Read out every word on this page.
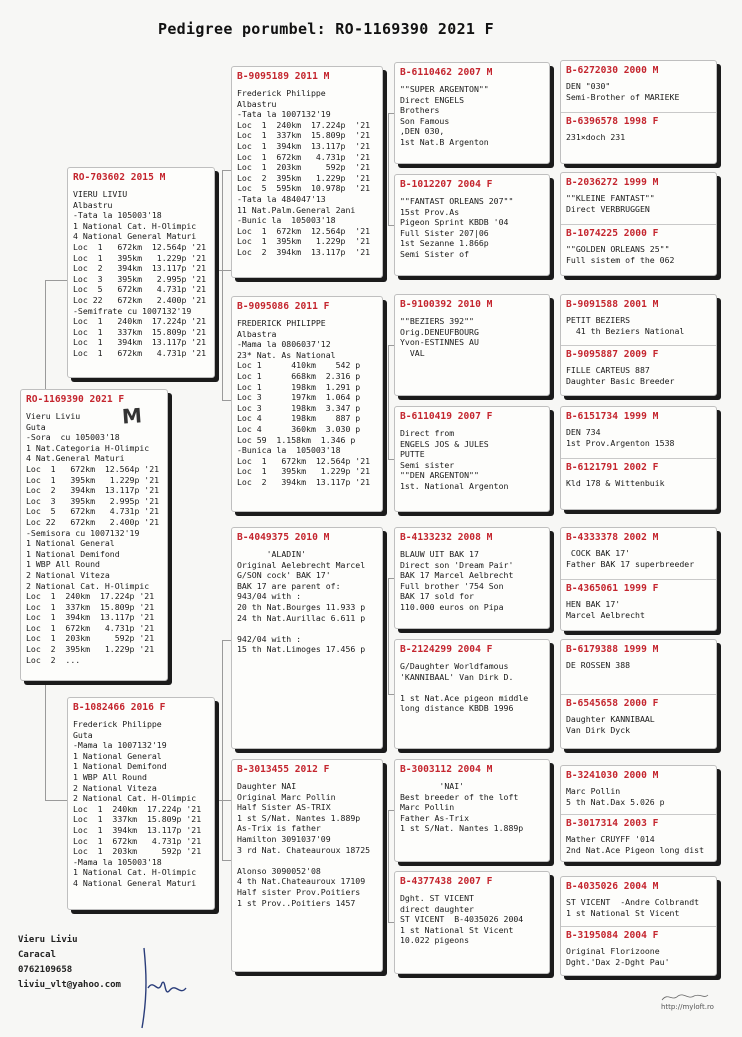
Pedigree porumbel: RO-1169390 2021 F
RO-1169390 2021 F
Vieru Liviu
Guta
-Sora  cu 105003'18
1 Nat.Categoria H-Olimpic
4 Nat.General Maturi
Loc  1   672km  12.564p '21
Loc  1   395km   1.229p '21
Loc  2   394km  13.117p '21
Loc  3   395km   2.995p '21
Loc  5   672km   4.731p '21
Loc 22   672km   2.400p '21
-Semisora cu 1007132'19
1 National General
1 National Demifond
1 WBP All Round
2 National Viteza
2 National Cat. H-Olimpic
Loc  1  240km  17.224p '21
Loc  1  337km  15.809p '21
Loc  1  394km  13.117p '21
Loc  1  672km   4.731p '21
Loc  1  203km     592p '21
Loc  2  395km   1.229p '21
Loc  2  ...
RO-703602 2015 M
VIERU LIVIU
Albastru
-Tata la 105003'18
1 National Cat. H-Olimpic
4 National General Maturi
Loc  1   672km  12.564p '21
Loc  1   395km   1.229p '21
Loc  2   394km  13.117p '21
Loc  3   395km   2.995p '21
Loc  5   672km   4.731p '21
Loc 22   672km   2.400p '21
-Semifrate cu 1007132'19
Loc  1   240km  17.224p '21
Loc  1   337km  15.809p '21
Loc  1   394km  13.117p '21
Loc  1   672km   4.731p '21
B-1082466 2016 F
Frederick Philippe
Guta
-Mama la 1007132'19
1 National General
1 National Demifond
1 WBP All Round
2 National Viteza
2 National Cat. H-Olimpic
Loc  1  240km  17.224p '21
Loc  1  337km  15.809p '21
Loc  1  394km  13.117p '21
Loc  1  672km   4.731p '21
Loc  1  203km     592p '21
-Mama la 105003'18
1 National Cat. H-Olimpic
4 National General Maturi
B-9095189 2011 M
Frederick Philippe
Albastru
-Tata la 1007132'19
Loc  1  240km  17.224p  '21
Loc  1  337km  15.809p  '21
Loc  1  394km  13.117p  '21
Loc  1  672km   4.731p  '21
Loc  1  203km     592p  '21
Loc  2  395km   1.229p  '21
Loc  5  595km  10.978p  '21
-Tata la 484047'13
11 Nat.Palm.General 2ani
-Bunic la  105003'18
Loc  1  672km  12.564p  '21
Loc  1  395km   1.229p  '21
Loc  2  394km  13.117p  '21
B-9095086 2011 F
FREDERICK PHILIPPE
Albastra
-Mama la 0806037'12
23* Nat. As National
Loc 1      410km    542 p
Loc 1      668km  2.316 p
Loc 1      198km  1.291 p
Loc 3      197km  1.064 p
Loc 3      198km  3.347 p
Loc 4      198km    887 p
Loc 4      360km  3.030 p
Loc 59  1.158km  1.346 p
-Bunica la  105003'18
Loc  1   672km  12.564p '21
Loc  1   395km   1.229p '21
Loc  2   394km  13.117p '21
B-4049375 2010 M
'ALADIN'
Original Aelebrecht Marcel
G/SON cock' BAK 17'
BAK 17 are parent of:
943/04 with :
20 th Nat.Bourges 11.933 p
24 th Nat.Aurillac 6.611 p

942/04 with :
15 th Nat.Limoges 17.456 p
B-3013455 2012 F
Daughter NAI
Original Marc Pollin
Half Sister AS-TRIX
1 st S/Nat. Nantes 1.889p
As-Trix is father
Hamilton 3091037'09
3 rd Nat. Chateauroux 18725

Alonso 3090052'08
4 th Nat.Chateauroux 17109
Half sister Prov.Poitiers
1 st Prov..Poitiers 1457
B-6110462 2007 M
""SUPER ARGENTON""
Direct ENGELS
Brothers
Son Famous
,DEN 030,
1st Nat.B Argenton
B-1012207 2004 F
""FANTAST ORLEANS 207""
15st Prov.As
Pigeon Sprint KBDB '04
Full Sister 207|06
1st Sezanne 1.866p
Semi Sister of
B-9100392 2010 M
""BEZIERS 392""
Orig.DENEUFBOURG
Yvon-ESTINNES AU
VAL
B-6110419 2007 F
Direct from
ENGELS JOS & JULES
PUTTE
Semi sister
""DEN ARGENTON""
1st. National Argenton
B-4133232 2008 M
BLAUW UIT BAK 17
Direct son 'Dream Pair'
BAK 17 Marcel Aelbrecht
Full brother '754 Son
BAK 17 sold for
110.000 euros on Pipa
B-2124299 2004 F
G/Daughter Worldfamous
'KANNIBAAL' Van Dirk D.

1 st Nat.Ace pigeon middle
long distance KBDB 1996
B-3003112 2004 M
'NAI'
Best breeder of the loft
Marc Pollin
Father As-Trix
1 st S/Nat. Nantes 1.889p
B-4377438 2007 F
Dght. ST VICENT
direct daughter
ST VICENT  B-4035026 2004
1 st National St Vicent
10.022 pigeons
B-6272030 2000 M
DEN "030"
Semi-Brother of MARIEKE
B-6396578 1998 F
231×doch 231
B-2036272 1999 M
""KLEINE FANTAST""
Direct VERBRUGGEN
B-1074225 2000 F
""GOLDEN ORLEANS 25""
Full sistem of the 062
B-9091588 2001 M
PETIT BEZIERS
41 th Beziers National
B-9095887 2009 F
FILLE CARTEUS 887
Daughter Basic Breeder
B-6151734 1999 M
DEN 734
1st Prov.Argenton 1538
B-6121791 2002 F
Kld 178 & Wittenbuik
B-4333378 2002 M
COCK BAK 17'
Father BAK 17 superbreeder
B-4365061 1999 F
HEN BAK 17'
Marcel Aelbrecht
B-6179388 1999 M
DE ROSSEN 388
B-6545658 2000 F
Daughter KANNIBAAL
Van Dirk Dyck
B-3241030 2000 M
Marc Pollin
5 th Nat.Dax 5.026 p
B-3017314 2003 F
Mather CRUYFF '014
2nd Nat.Ace Pigeon long dist
B-4035026 2004 M
ST VICENT  -Andre Colbrandt
1 st National St Vicent
B-3195084 2004 F
Original Florizoone
Dght.'Dax 2-Dght Pau'
M
Vieru Liviu
Caracal
0762109658
liviu_vlt@yahoo.com
http://myloft.ro
